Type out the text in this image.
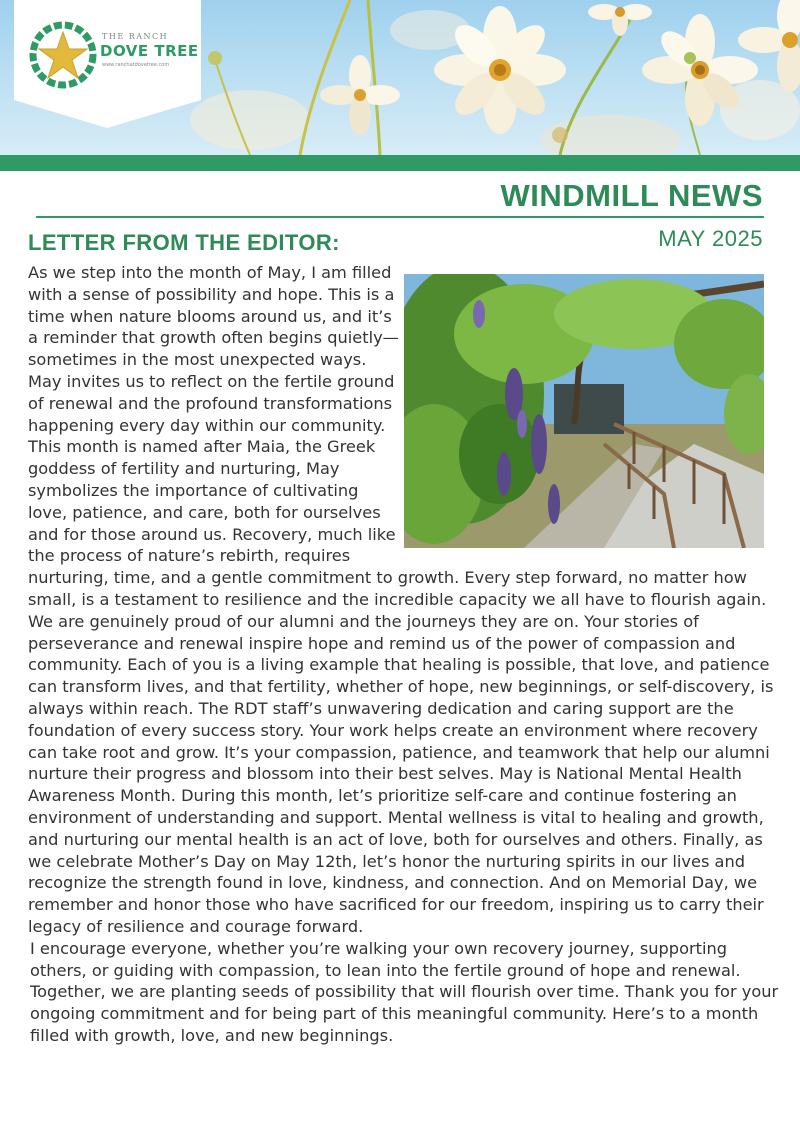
THE RANCH
DOVE TREE
www.ranchatdovetree.com
WINDMILL NEWS
MAY 2025
LETTER FROM THE EDITOR:

As we step into the month of May, I am filled with a sense of possibility and hope. This is a time when nature blooms around us, and it’s a reminder that growth often begins quietly—sometimes in the most unexpected ways. May invites us to reflect on the fertile ground of renewal and the profound transformations happening every day within our community. This month is named after Maia, the Greek goddess of fertility and nurturing, May symbolizes the importance of cultivating love, patience, and care, both for ourselves and for those around us. Recovery, much like the process of nature’s rebirth, requires nurturing, time, and a gentle commitment to growth. Every step forward, no matter how small, is a testament to resilience and the incredible capacity we all have to flourish again. We are genuinely proud of our alumni and the journeys they are on. Your stories of perseverance and renewal inspire hope and remind us of the power of compassion and community. Each of you is a living example that healing is possible, that love, and patience can transform lives, and that fertility, whether of hope, new beginnings, or self-discovery, is always within reach. The RDT staff’s unwavering dedication and caring support are the foundation of every success story. Your work helps create an environment where recovery can take root and grow. It’s your compassion, patience, and teamwork that help our alumni nurture their progress and blossom into their best selves. May is National Mental Health Awareness Month. During this month, let’s prioritize self-care and continue fostering an environment of understanding and support. Mental wellness is vital to healing and growth, and nurturing our mental health is an act of love, both for ourselves and others. Finally, as we celebrate Mother’s Day on May 12th, let’s honor the nurturing spirits in our lives and recognize the strength found in love, kindness, and connection. And on Memorial Day, we remember and honor those who have sacrificed for our freedom, inspiring us to carry their legacy of resilience and courage forward.

I encourage everyone, whether you’re walking your own recovery journey, supporting others, or guiding with compassion, to lean into the fertile ground of hope and renewal. Together, we are planting seeds of possibility that will flourish over time. Thank you for your ongoing commitment and for being part of this meaningful community. Here’s to a month filled with growth, love, and new beginnings.
